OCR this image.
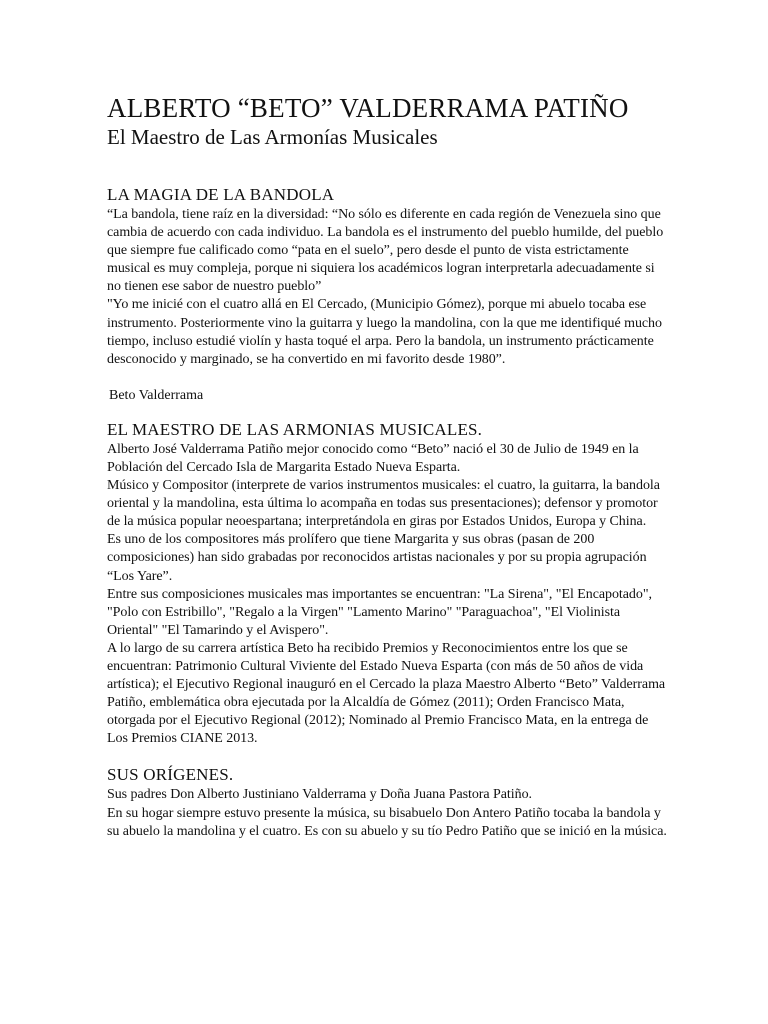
ALBERTO “BETO” VALDERRAMA PATIÑO
El Maestro de Las Armonías Musicales
LA MAGIA DE LA BANDOLA

“La bandola, tiene raíz en la diversidad: “No sólo es diferente en cada región de Venezuela sino que cambia de acuerdo con cada individuo. La bandola es el instrumento del pueblo humilde, del pueblo que siempre fue calificado como “pata en el suelo”, pero desde el punto de vista estrictamente musical es muy compleja, porque ni siquiera los académicos logran interpretarla adecuadamente si no tienen ese sabor de nuestro pueblo”

"Yo me inicié con el cuatro allá en El Cercado, (Municipio Gómez), porque mi abuelo tocaba ese instrumento. Posteriormente vino la guitarra y luego la mandolina, con la que me identifiqué mucho tiempo, incluso estudié violín y hasta toqué el arpa. Pero la bandola, un instrumento prácticamente desconocido y marginado, se ha convertido en mi favorito desde 1980”.

Beto Valderrama

EL MAESTRO DE LAS ARMONIAS MUSICALES.

Alberto José Valderrama Patiño mejor conocido como “Beto” nació el 30 de Julio de 1949 en la Población del Cercado Isla de Margarita Estado Nueva Esparta.

Músico y Compositor (interprete de varios instrumentos musicales: el cuatro, la guitarra, la bandola oriental y la mandolina, esta última lo acompaña en todas sus presentaciones); defensor y promotor de la música popular neoespartana; interpretándola en giras por Estados Unidos, Europa y China.

Es uno de los compositores más prolífero que tiene Margarita y sus obras (pasan de 200 composiciones) han sido grabadas por reconocidos artistas nacionales y por su propia agrupación “Los Yare”.

Entre sus composiciones musicales mas importantes se encuentran: "La Sirena", "El Encapotado", "Polo con Estribillo", "Regalo a la Virgen" "Lamento Marino" "Paraguachoa", "El Violinista Oriental" "El Tamarindo y el Avispero".

A lo largo de su carrera artística Beto ha recibido Premios y Reconocimientos entre los que se encuentran: Patrimonio Cultural Viviente del Estado Nueva Esparta (con más de 50 años de vida artística); el Ejecutivo Regional inauguró en el Cercado la plaza Maestro Alberto “Beto” Valderrama Patiño, emblemática obra ejecutada por la Alcaldía de Gómez (2011); Orden Francisco Mata, otorgada por el Ejecutivo Regional (2012); Nominado al Premio Francisco Mata, en la entrega de Los Premios CIANE 2013.

SUS ORÍGENES.

Sus padres Don Alberto Justiniano Valderrama y Doña Juana Pastora Patiño.

En su hogar siempre estuvo presente la música, su bisabuelo Don Antero Patiño tocaba la bandola y su abuelo la mandolina y el cuatro. Es con su abuelo y su tío Pedro Patiño que se inició en la música.
